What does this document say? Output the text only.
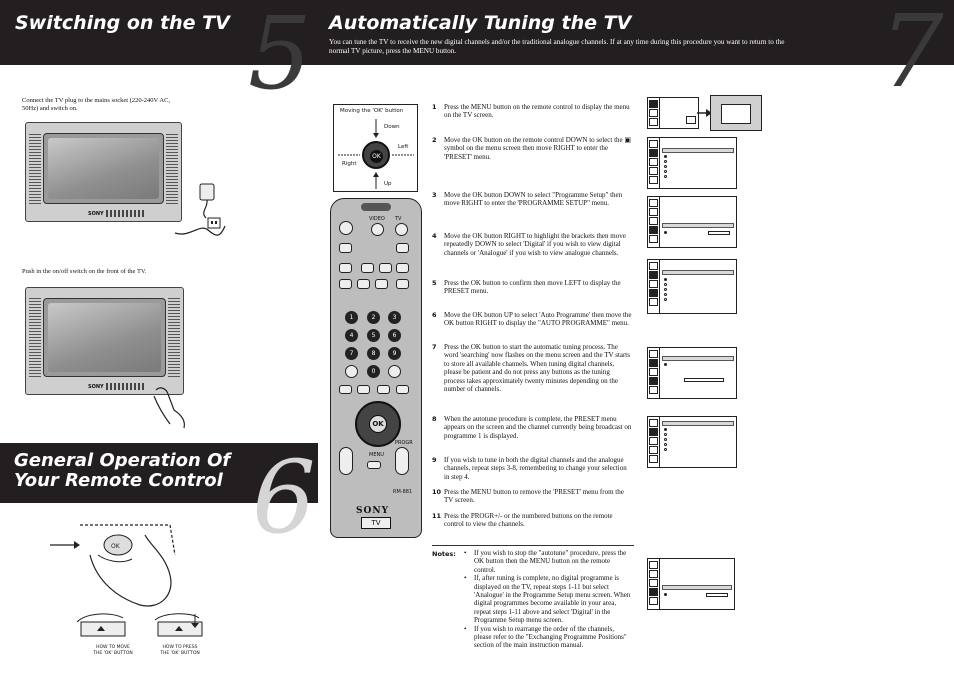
Switching on the TV	Automatically Tuning the TV
You can tune the TV to receive the new digital channels and/or the traditional analogue channels. If at any time during this procedure you want to return to the normal TV picture, press the MENU button.
5	7
Connect the TV plug to the mains socket (220-240V AC, 50Hz) and switch on.
SONY
Push in the on/off switch on the front of the TV.
SONY
General Operation Of
Your Remote Control 6
OK
HOW TO MOVE
THE 'OK' BUTTON
HOW TO PRESS
THE 'OK' BUTTON
Moving the 'OK' button
Down
Left
Right
Up
OK
VIDEO TV
1	2	3
4	5	6
7	8	9
0
OK
MENU
PROGR
RM-881
SONY
TV
1 Press the MENU button on the remote control to display the menu on the TV screen.
2 Move the OK button on the remote control DOWN to select the ▣ symbol on the menu screen then move RIGHT to enter the 'PRESET' menu.
3 Move the OK button DOWN to select "Programme Setup" then move RIGHT to enter the 'PROGRAMME SETUP" menu.
4 Move the OK button RIGHT to highlight the brackets then move repeatedly DOWN to select 'Digital' if you wish to view digital channels or 'Analogue' if you wish to view analogue channels.
5 Press the OK button to confirm then move LEFT to display the PRESET menu.
6 Move the OK button UP to select 'Auto Programme' then move the OK button RIGHT to display the "AUTO PROGRAMME" menu.
7 Press the OK button to start the automatic tuning process. The word 'searching' now flashes on the menu screen and the TV starts to store all available channels. When tuning digital channels, please be patient and do not press any buttons as the tuning process takes approximately twenty minutes depending on the number of channels.
8 When the autotune procedure is complete, the PRESET menu appears on the screen and the channel currently being broadcast on programme 1 is displayed.
9 If you wish to tune in both the digital channels and the analogue channels, repeat steps 3-8, remembering to change your selection in step 4.
10 Press the MENU button to remove the 'PRESET' menu from the TV screen.
11 Press the PROGR+/- or the numbered buttons on the remote control to view the channels.
Notes:
•	If you wish to stop the "autotune" procedure, press the OK button then the MENU button on the remote control.
• If, after tuning is complete, no digital programme is displayed on the TV, repeat steps 1-11 but select 'Analogue' in the Programme Setup menu screen. When digital programmes become available in your area, repeat steps 1-11 above and select 'Digital' in the Programme Setup menu screen.
• If you wish to rearrange the order of the channels, please refer to the "Exchanging Programme Positions" section of the main instruction manual.
